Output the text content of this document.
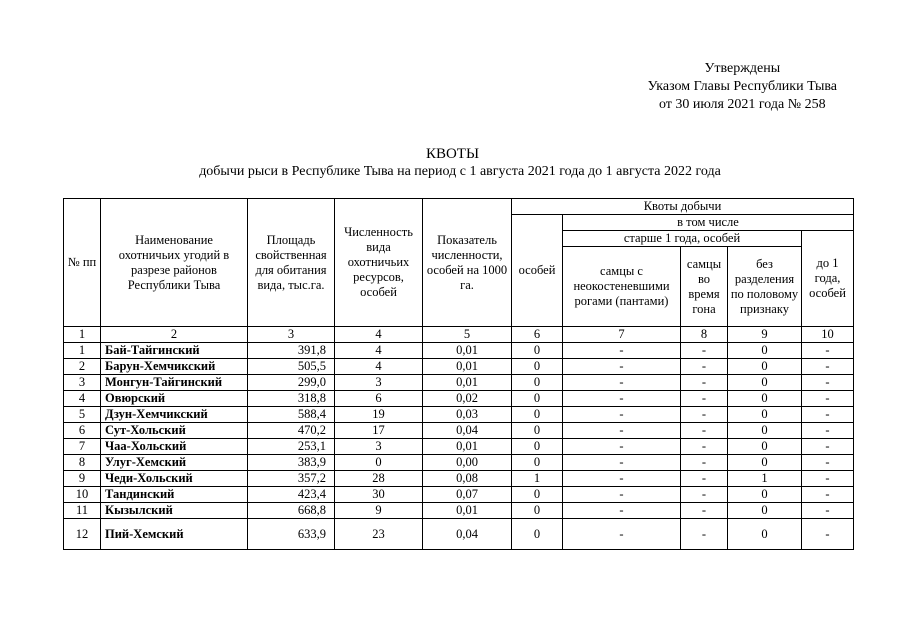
Утверждены
Указом Главы Республики Тыва
от 30 июля 2021 года № 258
КВОТЫ
добычи рыси в Республике Тыва на период с 1 августа 2021 года до 1 августа 2022 года
№ пп	Наименование охотничьих угодий в разрезе районов Республики Тыва	Площадь свойственная для обитания вида, тыс.га.	Численность вида охотничьих ресурсов, особей	Показатель численности, особей на 1000 га.	Квоты добычи				
					особей	в том числе			
						старше 1 года, особей			до 1 года, особей
						самцы с неокостеневшими рогами (пантами)	самцы во время гона	без разделения по половому признаку	
1	2	3	4	5	6	7	8	9	10
1	Бай-Тайгинский	391,8	4	0,01	0	-	-	0	-
2	Барун-Хемчикский	505,5	4	0,01	0	-	-	0	-
3	Монгун-Тайгинский	299,0	3	0,01	0	-	-	0	-
4	Овюрский	318,8	6	0,02	0	-	-	0	-
5	Дзун-Хемчикский	588,4	19	0,03	0	-	-	0	-
6	Сут-Хольский	470,2	17	0,04	0	-	-	0	-
7	Чаа-Хольский	253,1	3	0,01	0	-	-	0	-
8	Улуг-Хемский	383,9	0	0,00	0	-	-	0	-
9	Чеди-Хольский	357,2	28	0,08	1	-	-	1	-
10	Тандинский	423,4	30	0,07	0	-	-	0	-
11	Кызылский	668,8	9	0,01	0	-	-	0	-
12	Пий-Хемский	633,9	23	0,04	0	-	-	0	-
